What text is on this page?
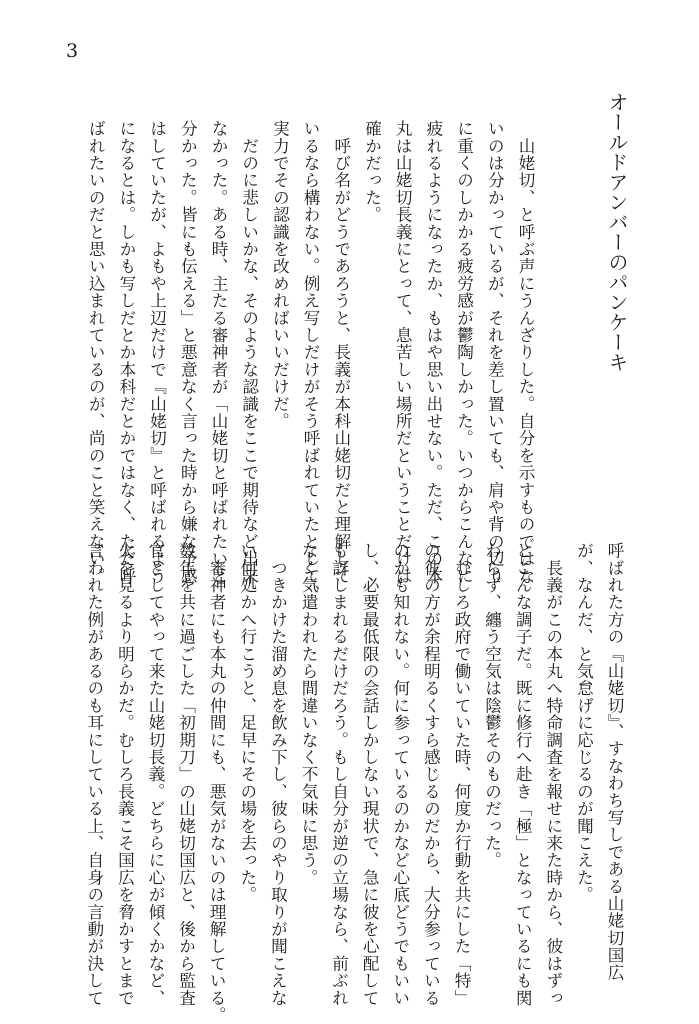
3
オールドアンバーのパンケーキ
　山姥切、と呼ぶ声にうんざりした。自分を示すものではな
いのは分かっているが、それを差し置いても、肩や背の辺り
に重くのしかかる疲労感が鬱陶しかった。いつからこんなに
疲れるようになったか、もはや思い出せない。ただ、この本
丸は山姥切長義にとって、息苦しい場所だということだけは
確かだった。
　呼び名がどうであろうと、長義が本科山姥切だと理解して
いるなら構わない。例え写しだけがそう呼ばれていたとして、
実力でその認識を改めればいいだけだ。
　だのに悲しいかな、そのような認識をここで期待など出来
なかった。ある時、主たる審神者が「山姥切と呼ばれたいと
分かった。皆にも伝える」と悪意なく言った時から嫌な予感
はしていたが、よもや上辺だけで『山姥切』と呼ばれるよう
になるとは。しかも写しだとか本科だとかではなく、ただ呼
ばれたいのだと思い込まれているのが、尚のこと笑えない。
呼ばれた方の『山姥切』、すなわち写しである山姥切国広
が、なんだ、と気怠げに応じるのが聞こえた。
　長義がこの本丸へ特命調査を報せに来た時から、彼はずっ
とこんな調子だ。既に修行へ赴き「極」となっているにも関
わらず、纏う空気は陰鬱そのものだった。
　むしろ政府で働いていた時、何度か行動を共にした「特」
の彼の方が余程明るくすら感じるのだから、大分参っている
のかも知れない。何に参っているのかなど心底どうでもいい
し、必要最低限の会話しかしない現状で、急に彼を心配して
も訝しまれるだけだろう。もし自分が逆の立場なら、前ぶれ
なく気遣われたら間違いなく不気味に思う。
　つきかけた溜め息を飲み下し、彼らのやり取りが聞こえな
い何処かへ行こうと、足早にその場を去った。
　審神者にも本丸の仲間にも、悪気がないのは理解している。
数年を共に過ごした「初期刀」の山姥切国広と、後から監査
官としてやって来た山姥切長義。どちらに心が傾くかなど、
火を見るより明らかだ。むしろ長義こそ国広を脅かすとまで
言われた例があるのも耳にしている上、自身の言動が決して
